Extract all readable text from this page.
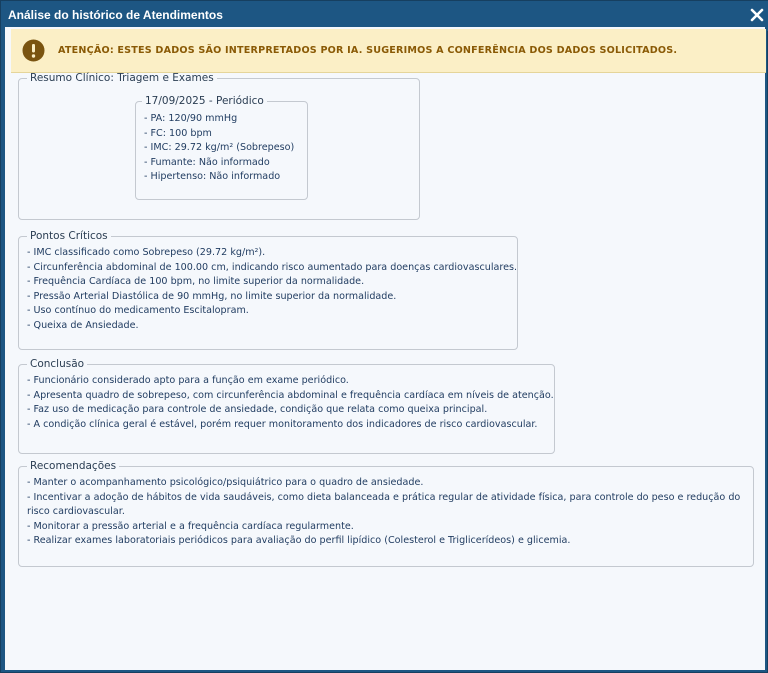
Análise do histórico de Atendimentos
ATENÇÃO: ESTES DADOS SÃO INTERPRETADOS POR IA. SUGERIMOS A CONFERÊNCIA DOS DADOS SOLICITADOS.
Resumo Clínico: Triagem e Exames
17/09/2025 - Periódico
- PA: 120/90 mmHg
- FC: 100 bpm
- IMC: 29.72 kg/m² (Sobrepeso)
- Fumante: Não informado
- Hipertenso: Não informado
Pontos Críticos
- IMC classificado como Sobrepeso (29.72 kg/m²).
- Circunferência abdominal de 100.00 cm, indicando risco aumentado para doenças cardiovasculares.
- Frequência Cardíaca de 100 bpm, no limite superior da normalidade.
- Pressão Arterial Diastólica de 90 mmHg, no limite superior da normalidade.
- Uso contínuo do medicamento Escitalopram.
- Queixa de Ansiedade.
Conclusão
- Funcionário considerado apto para a função em exame periódico.
- Apresenta quadro de sobrepeso, com circunferência abdominal e frequência cardíaca em níveis de atenção.
- Faz uso de medicação para controle de ansiedade, condição que relata como queixa principal.
- A condição clínica geral é estável, porém requer monitoramento dos indicadores de risco cardiovascular.
Recomendações
- Manter o acompanhamento psicológico/psiquiátrico para o quadro de ansiedade.
- Incentivar a adoção de hábitos de vida saudáveis, como dieta balanceada e prática regular de atividade física, para controle do peso e redução do risco cardiovascular.
- Monitorar a pressão arterial e a frequência cardíaca regularmente.
- Realizar exames laboratoriais periódicos para avaliação do perfil lipídico (Colesterol e Triglicerídeos) e glicemia.
